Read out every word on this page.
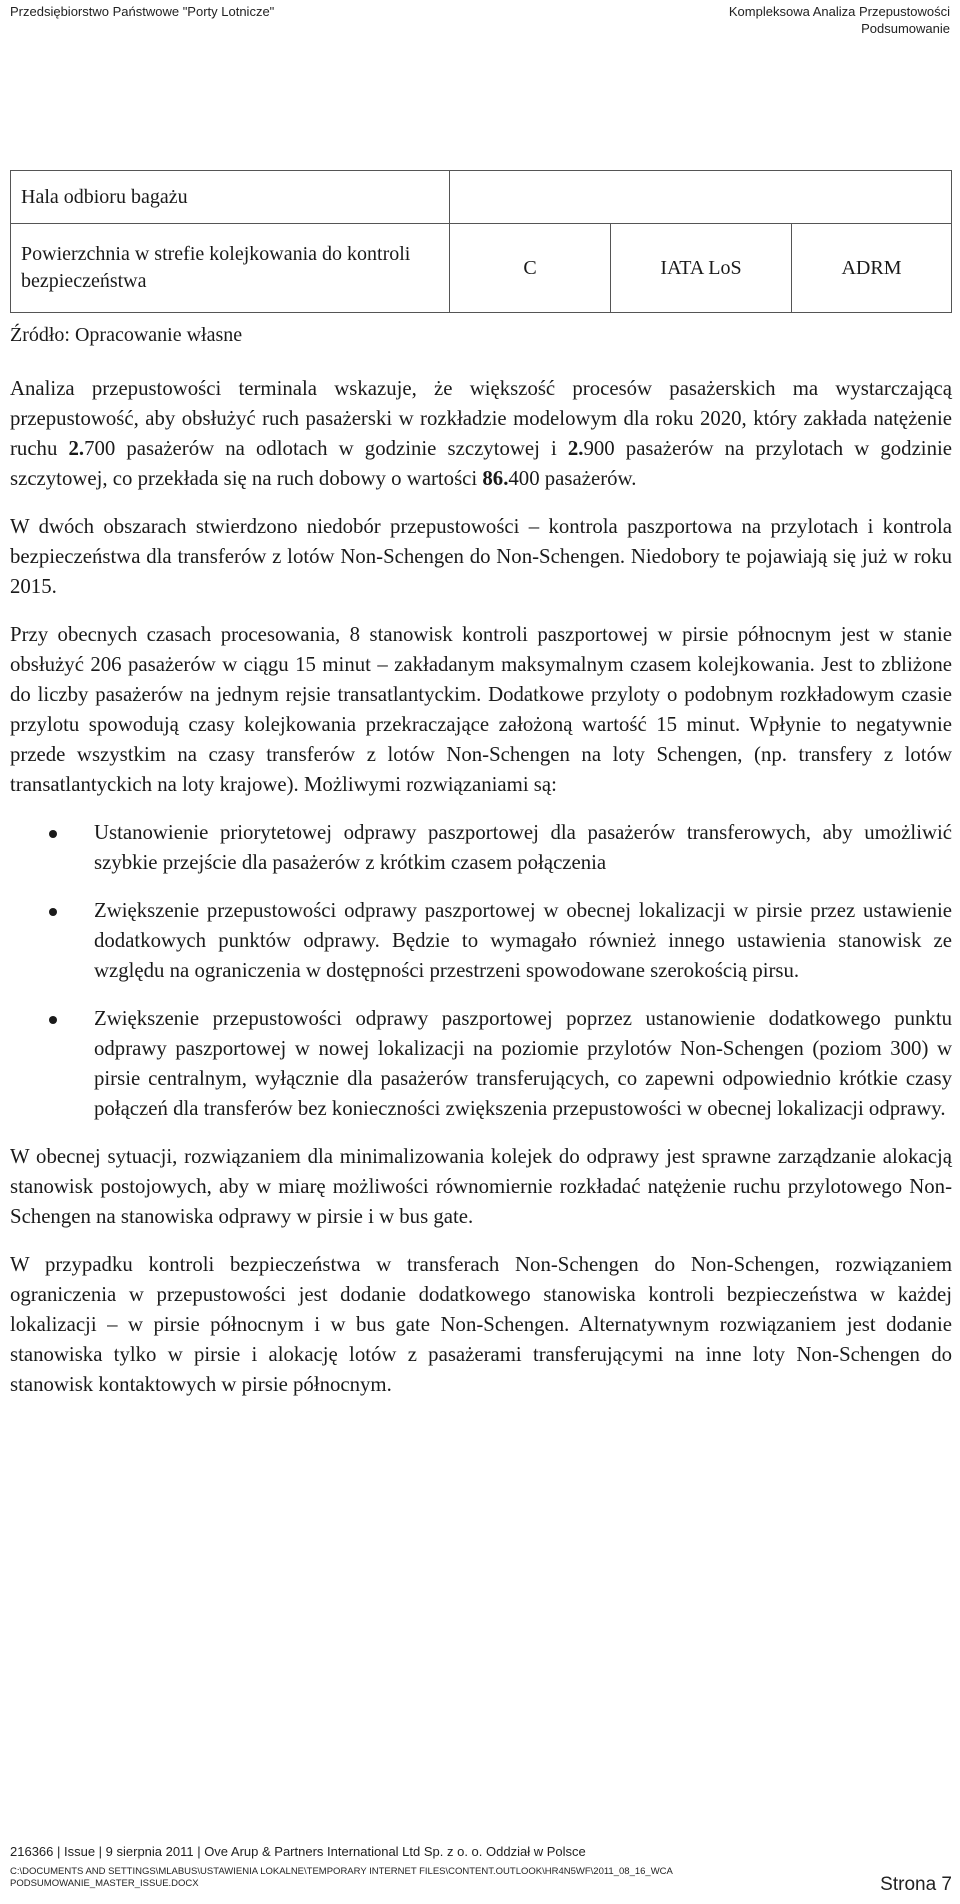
Przedsiębiorstwo Państwowe "Porty Lotnicze"	Kompleksowa Analiza Przepustowości
Podsumowanie
Hala odbioru bagażu			
Powierzchnia w strefie kolejkowania do kontroli bezpieczeństwa	C	IATA LoS	ADRM
Źródło: Opracowanie własne

Analiza przepustowości terminala wskazuje, że większość procesów pasażerskich ma wystarczającą przepustowość, aby obsłużyć ruch pasażerski w rozkładzie modelowym dla roku 2020, który zakłada natężenie ruchu 2.700 pasażerów na odlotach w godzinie szczytowej i 2.900 pasażerów na przylotach w godzinie szczytowej, co przekłada się na ruch dobowy o wartości 86.400 pasażerów.

W dwóch obszarach stwierdzono niedobór przepustowości – kontrola paszportowa na przylotach i kontrola bezpieczeństwa dla transferów z lotów Non-Schengen do Non-Schengen. Niedobory te pojawiają się już w roku 2015.

Przy obecnych czasach procesowania, 8 stanowisk kontroli paszportowej w pirsie północnym jest w stanie obsłużyć 206 pasażerów w ciągu 15 minut – zakładanym maksymalnym czasem kolejkowania. Jest to zbliżone do liczby pasażerów na jednym rejsie transatlantyckim. Dodatkowe przyloty o podobnym rozkładowym czasie przylotu spowodują czasy kolejkowania przekraczające założoną wartość 15 minut. Wpłynie to negatywnie przede wszystkim na czasy transferów z lotów Non-Schengen na loty Schengen, (np. transfery z lotów transatlantyckich na loty krajowe). Możliwymi rozwiązaniami są:

Ustanowienie priorytetowej odprawy paszportowej dla pasażerów transferowych, aby umożliwić szybkie przejście dla pasażerów z krótkim czasem połączenia
Zwiększenie przepustowości odprawy paszportowej w obecnej lokalizacji w pirsie przez ustawienie dodatkowych punktów odprawy. Będzie to wymagało również innego ustawienia stanowisk ze względu na ograniczenia w dostępności przestrzeni spowodowane szerokością pirsu.
Zwiększenie przepustowości odprawy paszportowej poprzez ustanowienie dodatkowego punktu odprawy paszportowej w nowej lokalizacji na poziomie przylotów Non-Schengen (poziom 300) w pirsie centralnym, wyłącznie dla pasażerów transferujących, co zapewni odpowiednio krótkie czasy połączeń dla transferów bez konieczności zwiększenia przepustowości w obecnej lokalizacji odprawy.

W obecnej sytuacji, rozwiązaniem dla minimalizowania kolejek do odprawy jest sprawne zarządzanie alokacją stanowisk postojowych, aby w miarę możliwości równomiernie rozkładać natężenie ruchu przylotowego Non-Schengen na stanowiska odprawy w pirsie i w bus gate.

W przypadku kontroli bezpieczeństwa w transferach Non-Schengen do Non-Schengen, rozwiązaniem ograniczenia w przepustowości jest dodanie dodatkowego stanowiska kontroli bezpieczeństwa w każdej lokalizacji – w pirsie północnym i w bus gate Non-Schengen. Alternatywnym rozwiązaniem jest dodanie stanowiska tylko w pirsie i alokację lotów z pasażerami transferującymi na inne loty Non-Schengen do stanowisk kontaktowych w pirsie północnym.

216366 | Issue | 9 sierpnia 2011 | Ove Arup & Partners International Ltd Sp. z o. o. Oddział w Polsce
C:\DOCUMENTS AND SETTINGS\MLABUS\USTAWIENIA LOKALNE\TEMPORARY INTERNET FILES\CONTENT.OUTLOOK\HR4N5WF\2011_08_16_WCA PODSUMOWANIE_MASTER_ISSUE.DOCX	Strona 7
